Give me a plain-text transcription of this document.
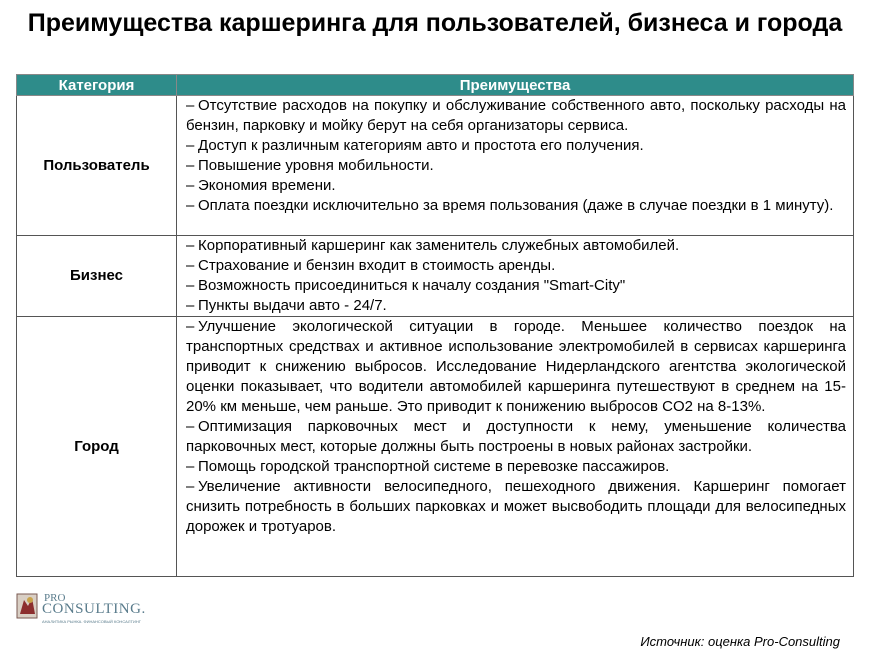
Преимущества каршеринга для пользователей, бизнеса и города
Категория	Преимущества
Пользователь	– Отсутствие расходов на покупку и обслуживание собственного авто, поскольку расходы на бензин, парковку и мойку берут на себя организаторы сервиса.
– Доступ к различным категориям авто и простота его получения.
– Повышение уровня мобильности.
– Экономия времени.
– Оплата поездки исключительно за время пользования (даже в случае поездки в 1 минуту).

Бизнес	– Корпоративный каршеринг как заменитель служебных автомобилей.
– Страхование и бензин входит в стоимость аренды.
– Возможность присоединиться к началу создания "Smart-City"
– Пункты выдачи авто - 24/7.

Город	– Улучшение экологической ситуации в городе. Меньшее количество поездок на транспортных средствах и активное использование электромобилей в сервисах каршеринга приводит к снижению выбросов. Исследование Нидерландского агентства экологической оценки показывает, что водители автомобилей каршеринга путешествуют в среднем на 15-20% км меньше, чем раньше. Это приводит к понижению выбросов CO2 на 8-13%.
– Оптимизация парковочных мест и доступности к нему, уменьшение количества парковочных мест, которые должны быть построены в новых районах застройки.
– Помощь городской транспортной системе в перевозке пассажиров.
– Увеличение активности велосипедного, пешеходного движения. Каршеринг помогает снизить потребность в больших парковках и может высвободить площади для велосипедных дорожек и тротуаров.
PRO
CONSULTING.
АНАЛИТИКА РЫНКА. ФИНАНСОВЫЙ КОНСАЛТИНГ
Источник: оценка Pro-Consulting
